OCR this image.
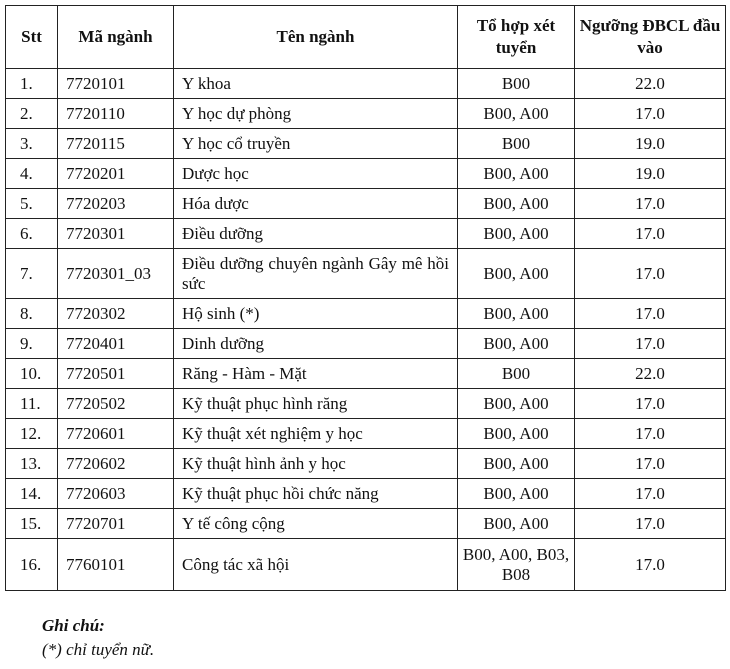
Stt	Mã ngành	Tên ngành	Tổ hợp xét tuyển	Ngưỡng ĐBCL đầu vào
1.	7720101	Y khoa	B00	22.0
2.	7720110	Y học dự phòng	B00, A00	17.0
3.	7720115	Y học cổ truyền	B00	19.0
4.	7720201	Dược học	B00, A00	19.0
5.	7720203	Hóa dược	B00, A00	17.0
6.	7720301	Điều dưỡng	B00, A00	17.0
7.	7720301_03	Điều dưỡng chuyên ngành Gây mê hồi sức	B00, A00	17.0
8.	7720302	Hộ sinh (*)	B00, A00	17.0
9.	7720401	Dinh dưỡng	B00, A00	17.0
10.	7720501	Răng - Hàm - Mặt	B00	22.0
11.	7720502	Kỹ thuật phục hình răng	B00, A00	17.0
12.	7720601	Kỹ thuật xét nghiệm y học	B00, A00	17.0
13.	7720602	Kỹ thuật hình ảnh y học	B00, A00	17.0
14.	7720603	Kỹ thuật phục hồi chức năng	B00, A00	17.0
15.	7720701	Y tế công cộng	B00, A00	17.0
16.	7760101	Công tác xã hội	B00, A00, B03, B08	17.0
Ghi chú:
(*) chỉ tuyển nữ.
